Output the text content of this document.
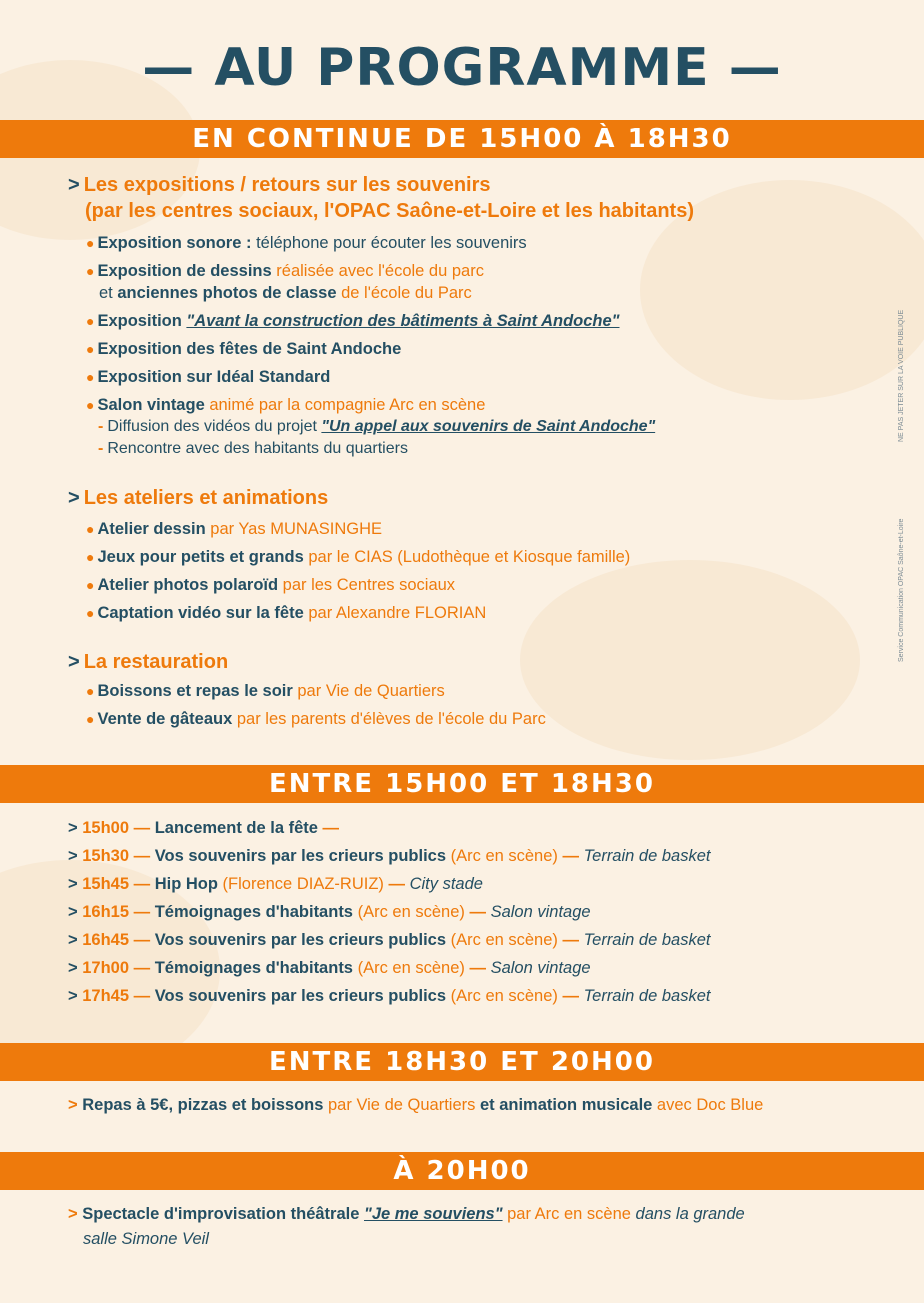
— AU PROGRAMME —
NE PAS JETER SUR LA VOIE PUBLIQUE
Service Communication OPAC Saône-et-Loire
EN CONTINUE DE 15H00 À 18H30
> Les expositions / retours sur les souvenirs
(par les centres sociaux, l'OPAC Saône-et-Loire et les habitants)
● Exposition sonore : téléphone pour écouter les souvenirs
● Exposition de dessins réalisée avec l'école du parc
et anciennes photos de classe de l'école du Parc
● Exposition "Avant la construction des bâtiments à Saint Andoche"
● Exposition des fêtes de Saint Andoche
● Exposition sur Idéal Standard
● Salon vintage animé par la compagnie Arc en scène
- Diffusion des vidéos du projet "Un appel aux souvenirs de Saint Andoche"
- Rencontre avec des habitants du quartiers
> Les ateliers et animations
● Atelier dessin par Yas MUNASINGHE
● Jeux pour petits et grands par le CIAS (Ludothèque et Kiosque famille)
● Atelier photos polaroïd par les Centres sociaux
● Captation vidéo sur la fête par Alexandre FLORIAN
> La restauration
● Boissons et repas le soir par Vie de Quartiers
● Vente de gâteaux par les parents d'élèves de l'école du Parc
ENTRE 15H00 ET 18H30
> 15h00 — Lancement de la fête —
> 15h30 — Vos souvenirs par les crieurs publics (Arc en scène) — Terrain de basket
> 15h45 — Hip Hop (Florence DIAZ-RUIZ) — City stade
> 16h15 — Témoignages d'habitants (Arc en scène) — Salon vintage
> 16h45 — Vos souvenirs par les crieurs publics (Arc en scène) — Terrain de basket
> 17h00 — Témoignages d'habitants (Arc en scène) — Salon vintage
> 17h45 — Vos souvenirs par les crieurs publics (Arc en scène) — Terrain de basket
ENTRE 18H30 ET 20H00
> Repas à 5€, pizzas et boissons par Vie de Quartiers et animation musicale avec Doc Blue
À 20H00
> Spectacle d'improvisation théâtrale "Je me souviens" par Arc en scène dans la grande
salle Simone Veil
